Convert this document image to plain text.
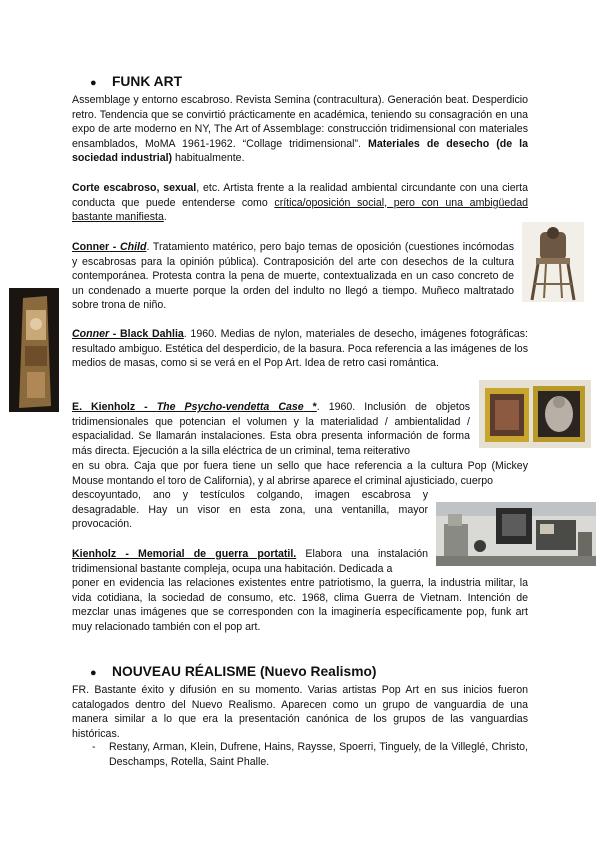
● FUNK ART
Assemblage y entorno escabroso. Revista Semina (contracultura). Generación beat. Desperdicio retro. Tendencia que se convirtió prácticamente en académica, teniendo su consagración en una expo de arte moderno en NY, The Art of Assemblage: construcción tridimensional con materiales ensamblados, MoMA 1961-1962. “Collage tridimensional”. Materiales de desecho (de la sociedad industrial) habitualmente.
Corte escabroso, sexual, etc. Artista frente a la realidad ambiental circundante con una cierta conducta que puede entenderse como crítica/oposición social, pero con una ambigüedad bastante manifiesta.
Conner - Child. Tratamiento matérico, pero bajo temas de oposición (cuestiones incómodas y escabrosas para la opinión pública). Contraposición del arte con desechos de la cultura contemporánea. Protesta contra la pena de muerte, contextualizada en un caso concreto de un condenado a muerte porque la orden del indulto no llegó a tiempo. Muñeco maltratado sobre trona de niño.
Conner - Black Dahlia. 1960. Medias de nylon, materiales de desecho, imágenes fotográficas: resultado ambiguo. Estética del desperdicio, de la basura. Poca referencia a las imágenes de los medios de masas, como si se verá en el Pop Art. Idea de retro casi romántica.
E. Kienholz - The Psycho-vendetta Case *. 1960. Inclusión de objetos tridimensionales que potencian el volumen y la materialidad / ambientalidad / espacialidad. Se llamarán instalaciones. Esta obra presenta información de forma más directa. Ejecución a la silla eléctrica de un criminal, tema reiterativo
en su obra. Caja que por fuera tiene un sello que hace referencia a la cultura Pop (Mickey Mouse montando el toro de California), y al abrirse aparece el criminal ajusticiado, cuerpo
descoyuntado, ano y testículos colgando, imagen escabrosa y desagradable. Hay un visor en esta zona, una ventanilla, mayor provocación.
Kienholz - Memorial de guerra portatil. Elabora una instalación tridimensional bastante compleja, ocupa una habitación. Dedicada a
poner en evidencia las relaciones existentes entre patriotismo, la guerra, la industria militar, la vida cotidiana, la sociedad de consumo, etc. 1968, clima Guerra de Vietnam. Intención de mezclar unas imágenes que se corresponden con la imaginería específicamente pop, funk art muy relacionado también con el pop art.
● NOUVEAU RÉALISME (Nuevo Realismo)
FR. Bastante éxito y difusión en su momento. Varias artistas Pop Art en sus inicios fueron catalogados dentro del Nuevo Realismo. Aparecen como un grupo de vanguardia de una manera similar a lo que era la presentación canónica de los grupos de las vanguardias históricas.
- Restany, Arman, Klein, Dufrene, Hains, Raysse, Spoerri, Tinguely, de la Villeglé, Christo, Deschamps, Rotella, Saint Phalle.
